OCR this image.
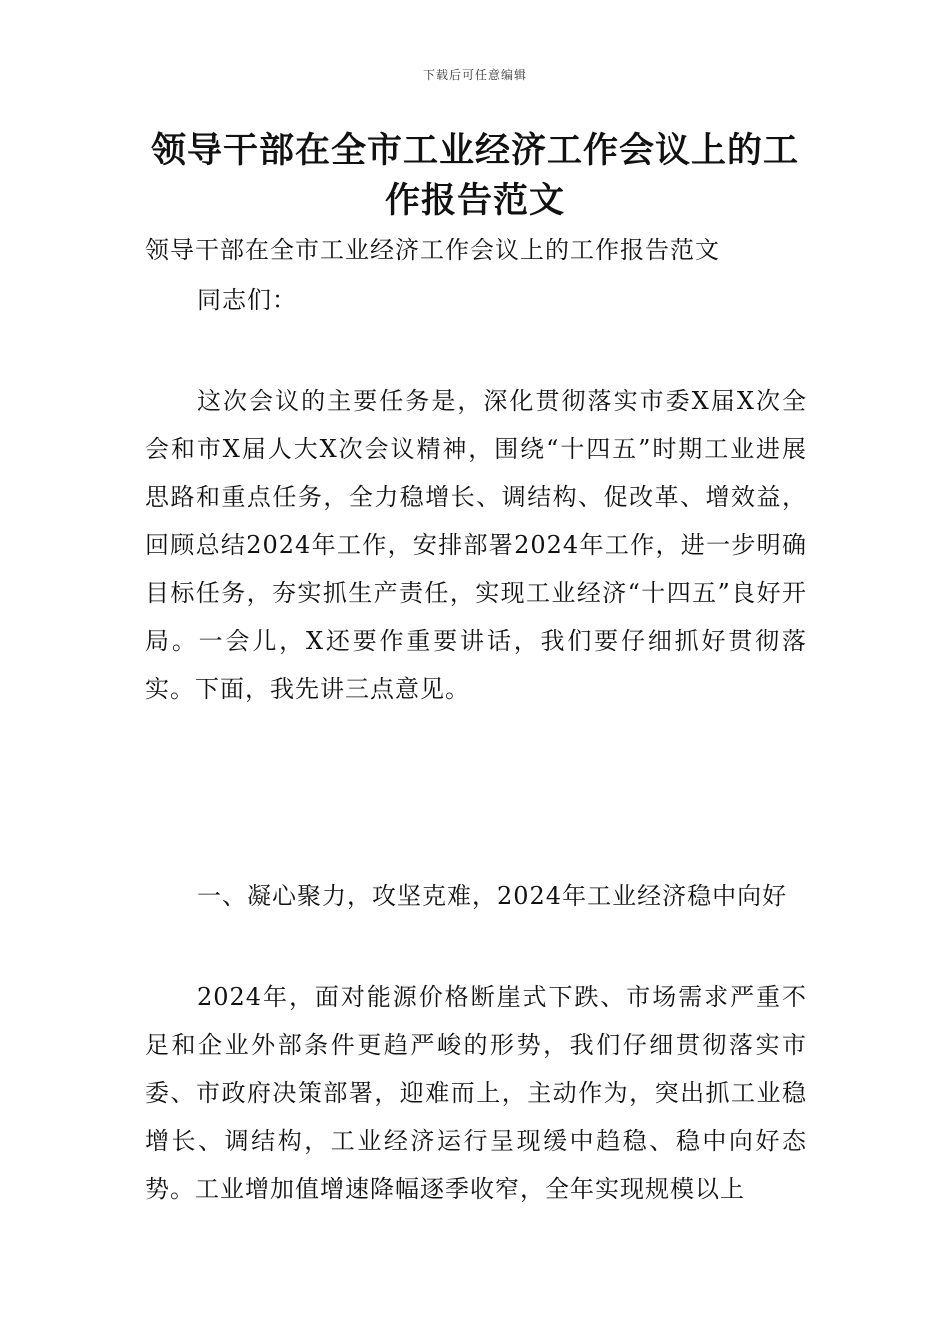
下载后可任意编辑
领导干部在全市工业经济工作会议上的工作报告范文
领导干部在全市工业经济工作会议上的工作报告范文
同志们：
这次会议的主要任务是，深化贯彻落实市委X届X次全会和市X届人大X次会议精神，围绕“十四五”时期工业进展思路和重点任务，全力稳增长、调结构、促改革、增效益，回顾总结2024年工作，安排部署2024年工作，进一步明确目标任务，夯实抓生产责任，实现工业经济“十四五”良好开局。一会儿，X还要作重要讲话，我们要仔细抓好贯彻落实。下面，我先讲三点意见。
一、凝心聚力，攻坚克难，2024年工业经济稳中向好
2024年，面对能源价格断崖式下跌、市场需求严重不足和企业外部条件更趋严峻的形势，我们仔细贯彻落实市委、市政府决策部署，迎难而上，主动作为，突出抓工业稳增长、调结构，工业经济运行呈现缓中趋稳、稳中向好态势。工业增加值增速降幅逐季收窄，全年实现规模以上
